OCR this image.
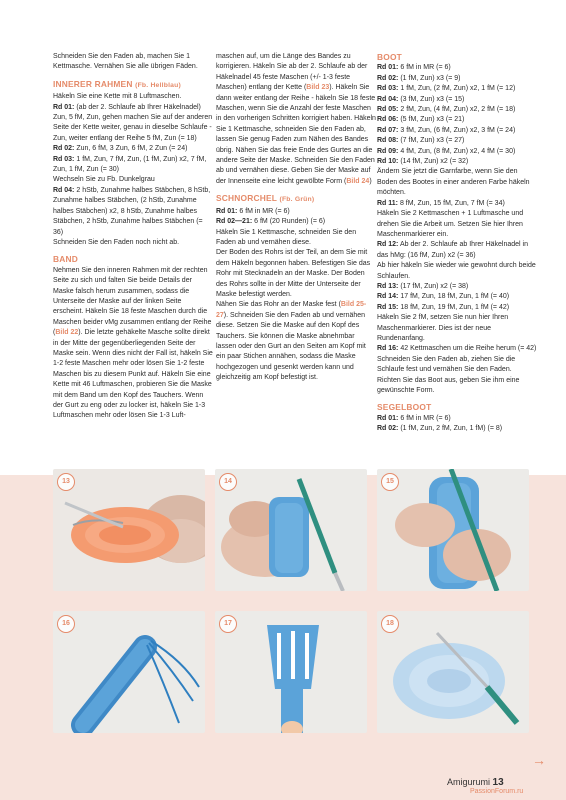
Schneiden Sie den Faden ab, machen Sie 1 Kettmasche. Vernähen Sie alle übrigen Fäden.

INNERER RAHMEN (Fb. Hellblau)

Häkeln Sie eine Kette mit 8 Luftmaschen.

Rd 01: (ab der 2. Schlaufe ab Ihrer Häkelnadel) Zun, 5 fM, Zun, gehen machen Sie auf der anderen Seite der Kette weiter, genau in dieselbe Schlaufe - Zun, weiter entlang der Reihe 5 fM, Zun (= 18)

Rd 02: Zun, 6 fM, 3 Zun, 6 fM, 2 Zun (= 24)

Rd 03: 1 fM, Zun, 7 fM, Zun, (1 fM, Zun) x2, 7 fM, Zun, 1 fM, Zun (= 30)

Wechseln Sie zu Fb. Dunkelgrau

Rd 04: 2 hStb, Zunahme halbes Stäbchen, 8 hStb, Zunahme halbes Stäbchen, (2 hStb, Zunahme halbes Stäbchen) x2, 8 hStb, Zunahme halbes Stäbchen, 2 hStb, Zunahme halbes Stäbchen (= 36)

Schneiden Sie den Faden noch nicht ab.

BAND

Nehmen Sie den inneren Rahmen mit der rechten Seite zu sich und falten Sie beide Details der Maske falsch herum zusammen, sodass die Unterseite der Maske auf der linken Seite erscheint. Häkeln Sie 18 feste Maschen durch die Maschen beider vMg zusammen entlang der Reihe (Bild 22). Die letzte gehäkelte Masche sollte direkt in der Mitte der gegenüberliegenden Seite der Maske sein. Wenn dies nicht der Fall ist, häkeln Sie 1-2 feste Maschen mehr oder lösen Sie 1-2 feste Maschen bis zu diesem Punkt auf. Häkeln Sie eine Kette mit 46 Luftmaschen, probieren Sie die Maske mit dem Band um den Kopf des Tauchers. Wenn der Gurt zu eng oder zu locker ist, häkeln Sie 1-3 Luftmaschen mehr oder lösen Sie 1-3 Luft-

maschen auf, um die Länge des Bandes zu korrigieren. Häkeln Sie ab der 2. Schlaufe ab der Häkelnadel 45 feste Maschen (+/- 1-3 feste Maschen) entlang der Kette (Bild 23). Häkeln Sie dann weiter entlang der Reihe - häkeln Sie 18 feste Maschen, wenn Sie die Anzahl der feste Maschen in den vorherigen Schritten korrigiert haben. Häkeln Sie 1 Kettmasche, schneiden Sie den Faden ab, lassen Sie genug Faden zum Nähen des Bandes übrig. Nähen Sie das freie Ende des Gurtes an die andere Seite der Maske. Schneiden Sie den Faden ab und vernähen diese. Geben Sie der Maske auf der Innenseite eine leicht gewölbte Form (Bild 24)

SCHNORCHEL (Fb. Grün)

Rd 01: 6 fM in MR (= 6)

Rd 02—21: 6 fM (20 Runden) (= 6)

Häkeln Sie 1 Kettmasche, schneiden Sie den Faden ab und vernähen diese.

Der Boden des Rohrs ist der Teil, an dem Sie mit dem Häkeln begonnen haben. Befestigen Sie das Rohr mit Stecknadeln an der Maske. Der Boden des Rohrs sollte in der Mitte der Unterseite der Maske befestigt werden.

Nähen Sie das Rohr an der Maske fest (Bild 25-27). Schneiden Sie den Faden ab und vernähen diese. Setzen Sie die Maske auf den Kopf des Tauchers. Sie können die Maske abnehmbar lassen oder den Gurt an den Seiten am Kopf mit ein paar Stichen annähen, sodass die Maske hochgezogen und gesenkt werden kann und gleichzeitig am Kopf befestigt ist.

BOOT

Rd 01: 6 fM in MR (= 6)

Rd 02: (1 fM, Zun) x3 (= 9)

Rd 03: 1 fM, Zun, (2 fM, Zun) x2, 1 fM (= 12)

Rd 04: (3 fM, Zun) x3 (= 15)

Rd 05: 2 fM, Zun, (4 fM, Zun) x2, 2 fM (= 18)

Rd 06: (5 fM, Zun) x3 (= 21)

Rd 07: 3 fM, Zun, (6 fM, Zun) x2, 3 fM (= 24)

Rd 08: (7 fM, Zun) x3 (= 27)

Rd 09: 4 fM, Zun, (8 fM, Zun) x2, 4 fM (= 30)

Rd 10: (14 fM, Zun) x2 (= 32)

Ändern Sie jetzt die Garnfarbe, wenn Sie den Boden des Bootes in einer anderen Farbe häkeln möchten.

Rd 11: 8 fM, Zun, 15 fM, Zun, 7 fM (= 34)

Häkeln Sie 2 Kettmaschen + 1 Luftmasche und drehen Sie die Arbeit um. Setzen Sie hier Ihren Maschenmarkierer ein.

Rd 12: Ab der 2. Schlaufe ab Ihrer Häkelnadel in das hMg: (16 fM, Zun) x2 (= 36)

Ab hier häkeln Sie wieder wie gewohnt durch beide Schlaufen.

Rd 13: (17 fM, Zun) x2 (= 38)

Rd 14: 17 fM, Zun, 18 fM, Zun, 1 fM (= 40)

Rd 15: 18 fM, Zun, 19 fM, Zun, 1 fM (= 42)

Häkeln Sie 2 fM, setzen Sie nun hier Ihren Maschenmarkierer. Dies ist der neue Rundenanfang.

Rd 16: 42 Kettmaschen um die Reihe herum (= 42)

Schneiden Sie den Faden ab, ziehen Sie die Schlaufe fest und vernähen Sie den Faden. Richten Sie das Boot aus, geben Sie ihm eine gewünschte Form.

SEGELBOOT

Rd 01: 6 fM in MR (= 6)

Rd 02: (1 fM, Zun, 2 fM, Zun, 1 fM) (= 8)

13	14	15
16	17	18
→
Amigurumi 13
PassionForum.ru
